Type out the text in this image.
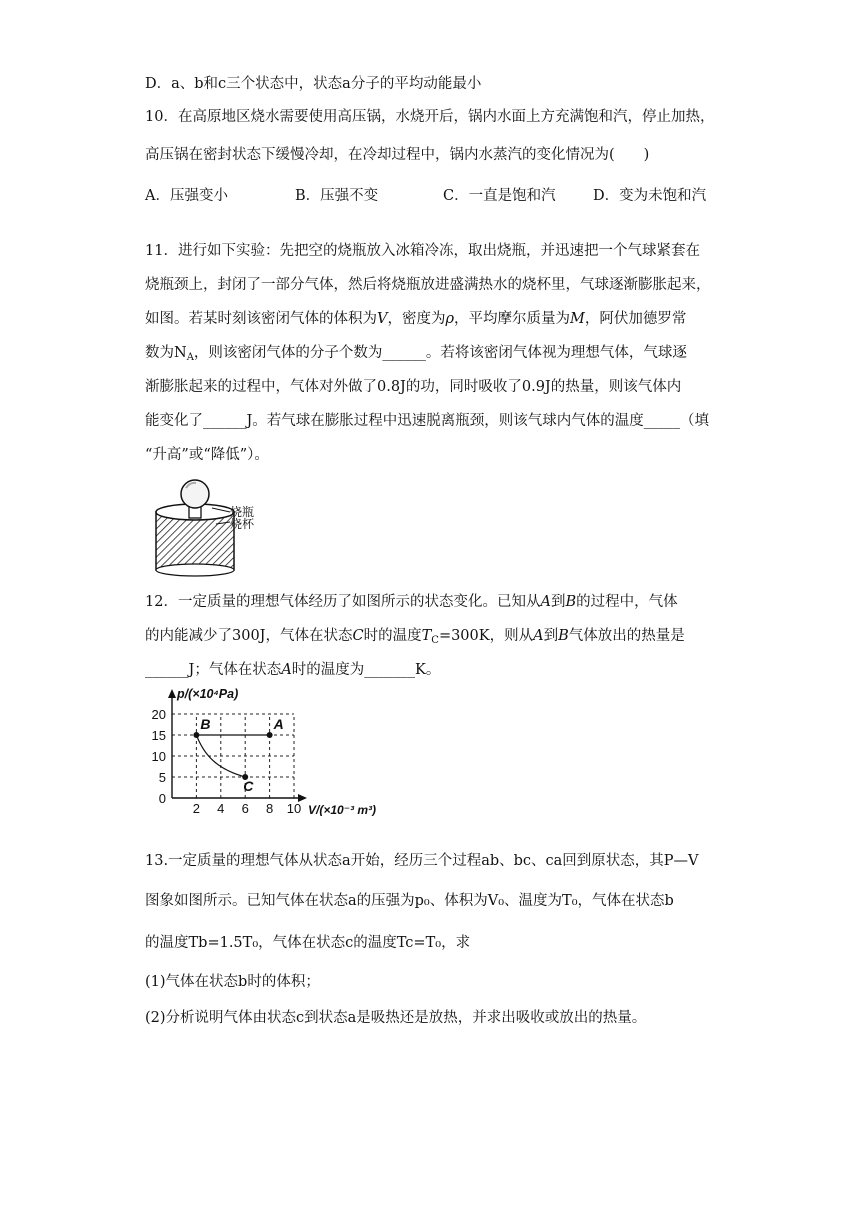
D．a、b和c三个状态中，状态a分子的平均动能最小
10．在高原地区烧水需要使用高压锅，水烧开后，锅内水面上方充满饱和汽，停止加热，
高压锅在密封状态下缓慢冷却，在冷却过程中，锅内水蒸汽的变化情况为(　　)
A．压强变小	B．压强不变	C．一直是饱和汽	D．变为未饱和汽
11．进行如下实验：先把空的烧瓶放入冰箱冷冻，取出烧瓶，并迅速把一个气球紧套在
烧瓶颈上，封闭了一部分气体，然后将烧瓶放进盛满热水的烧杯里，气球逐渐膨胀起来，
如图。若某时刻该密闭气体的体积为V，密度为ρ，平均摩尔质量为M，阿伏加德罗常
数为$N_A$，则该密闭气体的分子个数为______。若将该密闭气体视为理想气体，气球逐
渐膨胀起来的过程中，气体对外做了0.8J的功，同时吸收了0.9J的热量，则该气体内
能变化了______J。若气球在膨胀过程中迅速脱离瓶颈，则该气球内气体的温度_____（填
“升高”或“降低”）。
烧瓶
烧杯
12．一定质量的理想气体经历了如图所示的状态变化。已知从A到B的过程中，气体
的内能减少了300J，气体在状态C时的温度$T_C=300K$，则从A到B气体放出的热量是
______J；气体在状态A时的温度为_______K。
20
15
10
5
2 4 6 8 10
0
p/(×10⁴Pa)
V/(×10⁻³ m³)
B	A
C
13.一定质量的理想气体从状态a开始，经历三个过程ab、bc、ca回到原状态，其P—V
图象如图所示。已知气体在状态a的压强为p₀、体积为V₀、温度为T₀，气体在状态b
的温度Tb=1.5T₀，气体在状态c的温度Tc=T₀，求
(1)气体在状态b时的体积；
(2)分析说明气体由状态c到状态a是吸热还是放热，并求出吸收或放出的热量。
